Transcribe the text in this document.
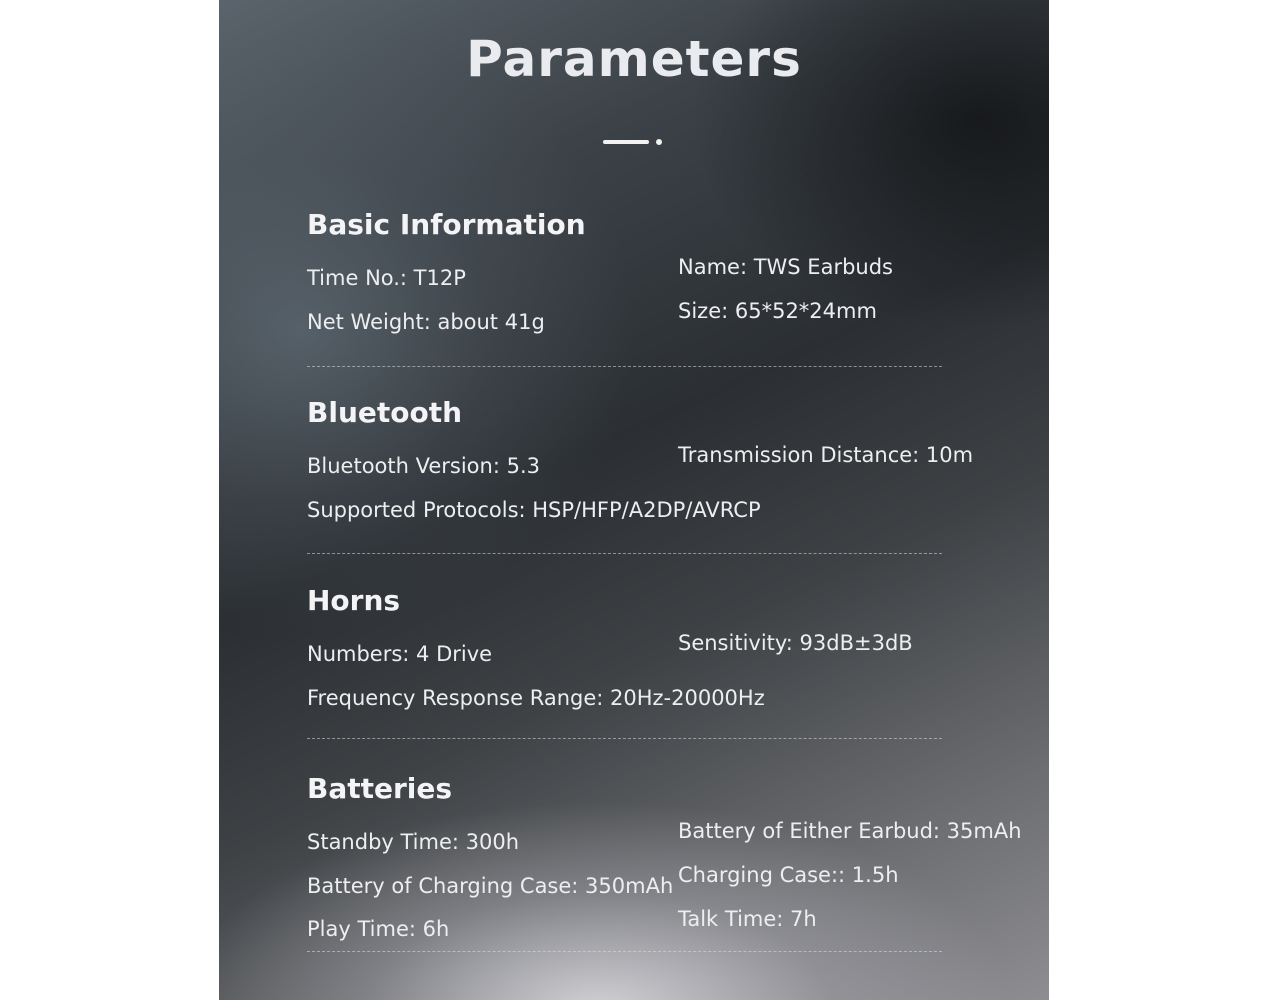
Parameters
Basic Information
Time No.: T12P
Net Weight: about 41g
Name: TWS Earbuds
Size: 65*52*24mm
Bluetooth
Bluetooth Version: 5.3
Supported Protocols: HSP/HFP/A2DP/AVRCP
Transmission Distance: 10m
Horns
Numbers: 4 Drive
Frequency Response Range: 20Hz-20000Hz
Sensitivity: 93dB±3dB
Batteries
Standby Time: 300h
Battery of Charging Case: 350mAh
Play Time: 6h
Battery of Either Earbud: 35mAh
Charging Case:: 1.5h
Talk Time: 7h
